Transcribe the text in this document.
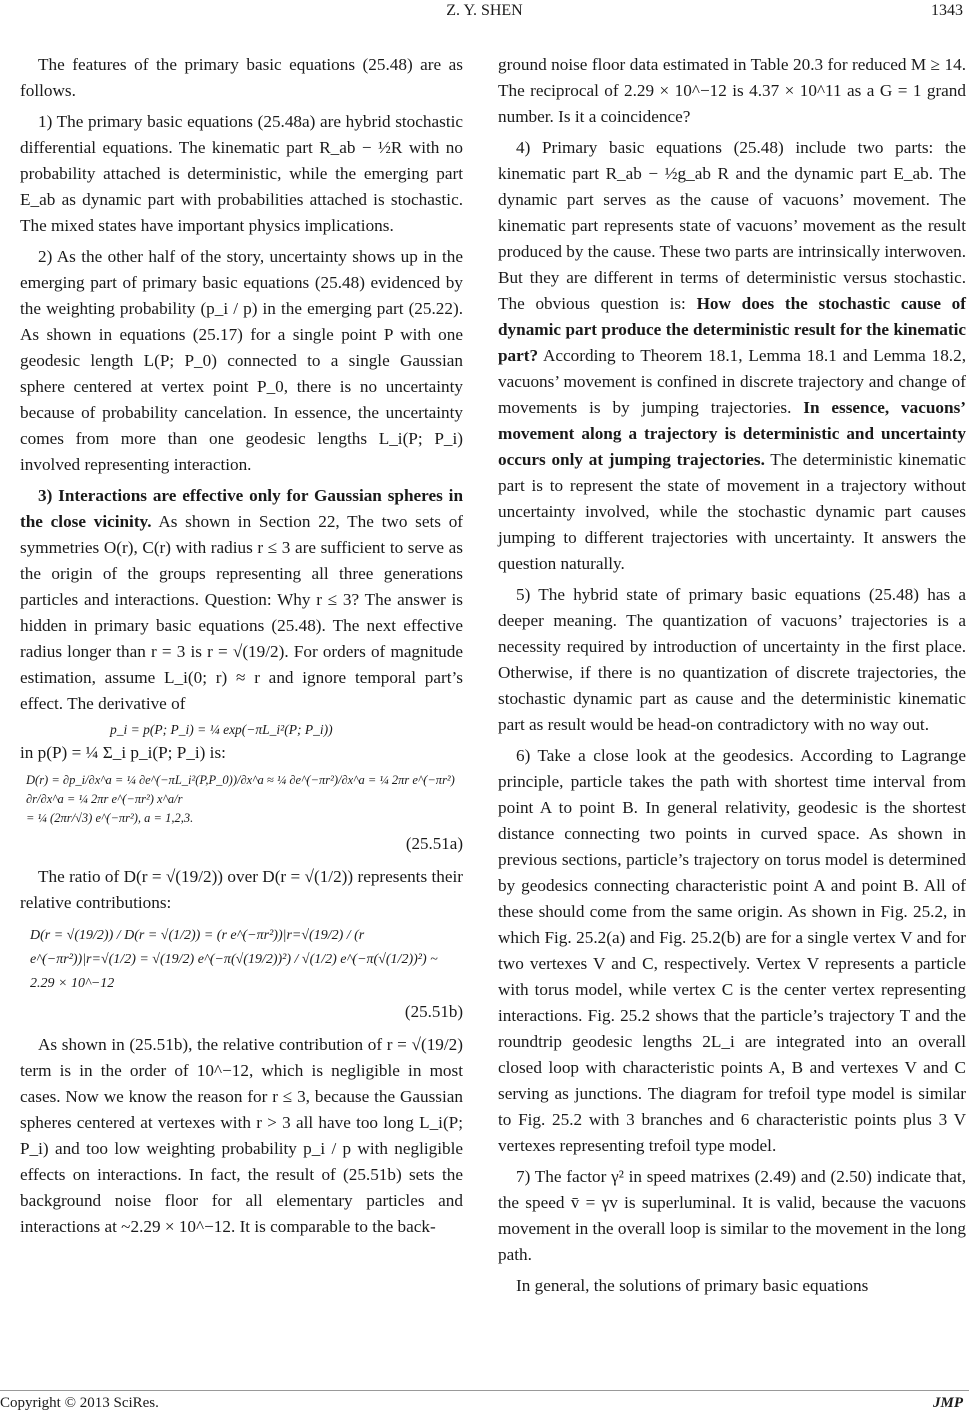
Z. Y. SHEN	1343

The features of the primary basic equations (25.48) are as follows.

1) The primary basic equations (25.48a) are hybrid stochastic differential equations. The kinematic part R_ab − ½R with no probability attached is deterministic, while the emerging part E_ab as dynamic part with probabilities attached is stochastic. The mixed states have important physics implications.

2) As the other half of the story, uncertainty shows up in the emerging part of primary basic equations (25.48) evidenced by the weighting probability (p_i / p) in the emerging part (25.22). As shown in equations (25.17) for a single point P with one geodesic length L(P; P_0) connected to a single Gaussian sphere centered at vertex point P_0, there is no uncertainty because of probability cancelation. In essence, the uncertainty comes from more than one geodesic lengths L_i(P; P_i) involved representing interaction.

3) Interactions are effective only for Gaussian spheres in the close vicinity. As shown in Section 22, The two sets of symmetries O(r), C(r) with radius r ≤ 3 are sufficient to serve as the origin of the groups representing all three generations particles and interactions. Question: Why r ≤ 3? The answer is hidden in primary basic equations (25.48). The next effective radius longer than r = 3 is r = √(19/2). For orders of magnitude estimation, assume L_i(0; r) ≈ r and ignore temporal part’s effect. The derivative of

p_i = p(P; P_i) = ¼ exp(−πL_i²(P; P_i))

in p(P) = ¼ Σ_i p_i(P; P_i) is:

D(r) = ∂p_i/∂x^a = ¼ ∂e^(−πL_i²(P,P_0))/∂x^a ≈ ¼ ∂e^(−πr²)/∂x^a = ¼ 2πr e^(−πr²) ∂r/∂x^a = ¼ 2πr e^(−πr²) x^a/r
= ¼ (2πr/√3) e^(−πr²), a = 1,2,3.
(25.51a)

The ratio of D(r = √(19/2)) over D(r = √(1/2)) represents their relative contributions:

D(r = √(19/2)) / D(r = √(1/2)) = (r e^(−πr²))|r=√(19/2) / (r e^(−πr²))|r=√(1/2) = √(19/2) e^(−π(√(19/2))²) / √(1/2) e^(−π(√(1/2))²) ~ 2.29 × 10^−12
(25.51b)

As shown in (25.51b), the relative contribution of r = √(19/2) term is in the order of 10^−12, which is negligible in most cases. Now we know the reason for r ≤ 3, because the Gaussian spheres centered at vertexes with r > 3 all have too long L_i(P; P_i) and too low weighting probability p_i / p with negligible effects on interactions. In fact, the result of (25.51b) sets the background noise floor for all elementary particles and interactions at ~2.29 × 10^−12. It is comparable to the back-

ground noise floor data estimated in Table 20.3 for reduced M ≥ 14. The reciprocal of 2.29 × 10^−12 is 4.37 × 10^11 as a G = 1 grand number. Is it a coincidence?

4) Primary basic equations (25.48) include two parts: the kinematic part R_ab − ½g_ab R and the dynamic part E_ab. The dynamic part serves as the cause of vacuons’ movement. The kinematic part represents state of vacuons’ movement as the result produced by the cause. These two parts are intrinsically interwoven. But they are different in terms of deterministic versus stochastic. The obvious question is: How does the stochastic cause of dynamic part produce the deterministic result for the kinematic part? According to Theorem 18.1, Lemma 18.1 and Lemma 18.2, vacuons’ movement is confined in discrete trajectory and change of movements is by jumping trajectories. In essence, vacuons’ movement along a trajectory is deterministic and uncertainty occurs only at jumping trajectories. The deterministic kinematic part is to represent the state of movement in a trajectory without uncertainty involved, while the stochastic dynamic part causes jumping to different trajectories with uncertainty. It answers the question naturally.

5) The hybrid state of primary basic equations (25.48) has a deeper meaning. The quantization of vacuons’ trajectories is a necessity required by introduction of uncertainty in the first place. Otherwise, if there is no quantization of discrete trajectories, the stochastic dynamic part as cause and the deterministic kinematic part as result would be head-on contradictory with no way out.

6) Take a close look at the geodesics. According to Lagrange principle, particle takes the path with shortest time interval from point A to point B. In general relativity, geodesic is the shortest distance connecting two points in curved space. As shown in previous sections, particle’s trajectory on torus model is determined by geodesics connecting characteristic point A and point B. All of these should come from the same origin. As shown in Fig. 25.2, in which Fig. 25.2(a) and Fig. 25.2(b) are for a single vertex V and for two vertexes V and C, respectively. Vertex V represents a particle with torus model, while vertex C is the center vertex representing interactions. Fig. 25.2 shows that the particle’s trajectory T and the roundtrip geodesic lengths 2L_i are integrated into an overall closed loop with characteristic points A, B and vertexes V and C serving as junctions. The diagram for trefoil type model is similar to Fig. 25.2 with 3 branches and 6 characteristic points plus 3 V vertexes representing trefoil type model.

7) The factor γ² in speed matrixes (2.49) and (2.50) indicate that, the speed v̄ = γv is superluminal. It is valid, because the vacuons movement in the overall loop is similar to the movement in the long path.

In general, the solutions of primary basic equations

Copyright © 2013 SciRes.	JMP
